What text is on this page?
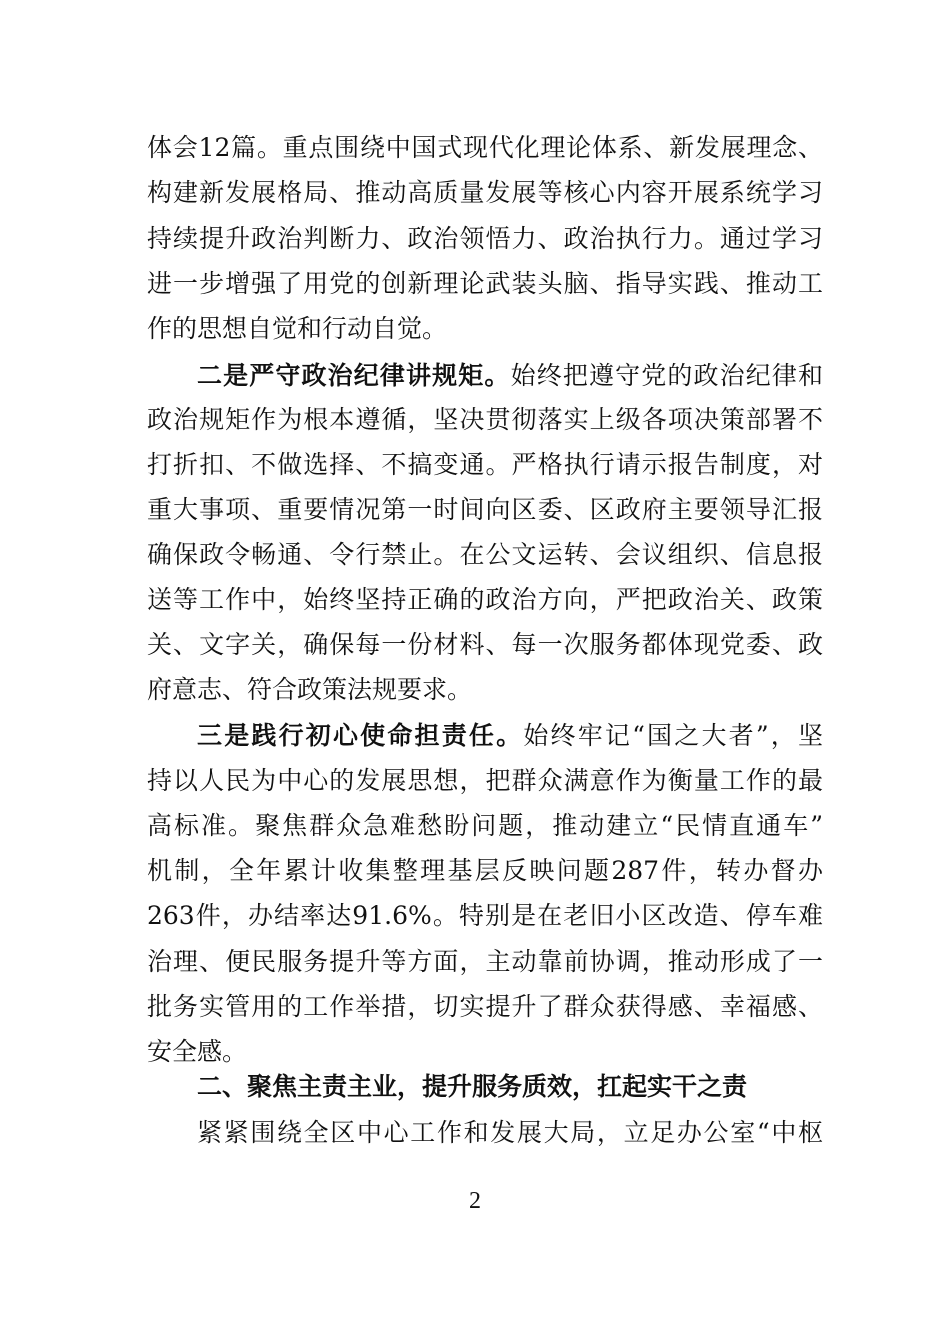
体会12篇。重点围绕中国式现代化理论体系、新发展理念、
构建新发展格局、推动高质量发展等核心内容开展系统学习
持续提升政治判断力、政治领悟力、政治执行力。通过学习
进一步增强了用党的创新理论武装头脑、指导实践、推动工
作的思想自觉和行动自觉。
二是严守政治纪律讲规矩。始终把遵守党的政治纪律和
政治规矩作为根本遵循，坚决贯彻落实上级各项决策部署不
打折扣、不做选择、不搞变通。严格执行请示报告制度，对
重大事项、重要情况第一时间向区委、区政府主要领导汇报
确保政令畅通、令行禁止。在公文运转、会议组织、信息报
送等工作中，始终坚持正确的政治方向，严把政治关、政策
关、文字关，确保每一份材料、每一次服务都体现党委、政
府意志、符合政策法规要求。
三是践行初心使命担责任。始终牢记“国之大者”，坚
持以人民为中心的发展思想，把群众满意作为衡量工作的最
高标准。聚焦群众急难愁盼问题，推动建立“民情直通车”
机制，全年累计收集整理基层反映问题287件，转办督办
263件，办结率达91.6%。特别是在老旧小区改造、停车难
治理、便民服务提升等方面，主动靠前协调，推动形成了一
批务实管用的工作举措，切实提升了群众获得感、幸福感、
安全感。
二、聚焦主责主业，提升服务质效，扛起实干之责
紧紧围绕全区中心工作和发展大局，立足办公室“中枢
2
